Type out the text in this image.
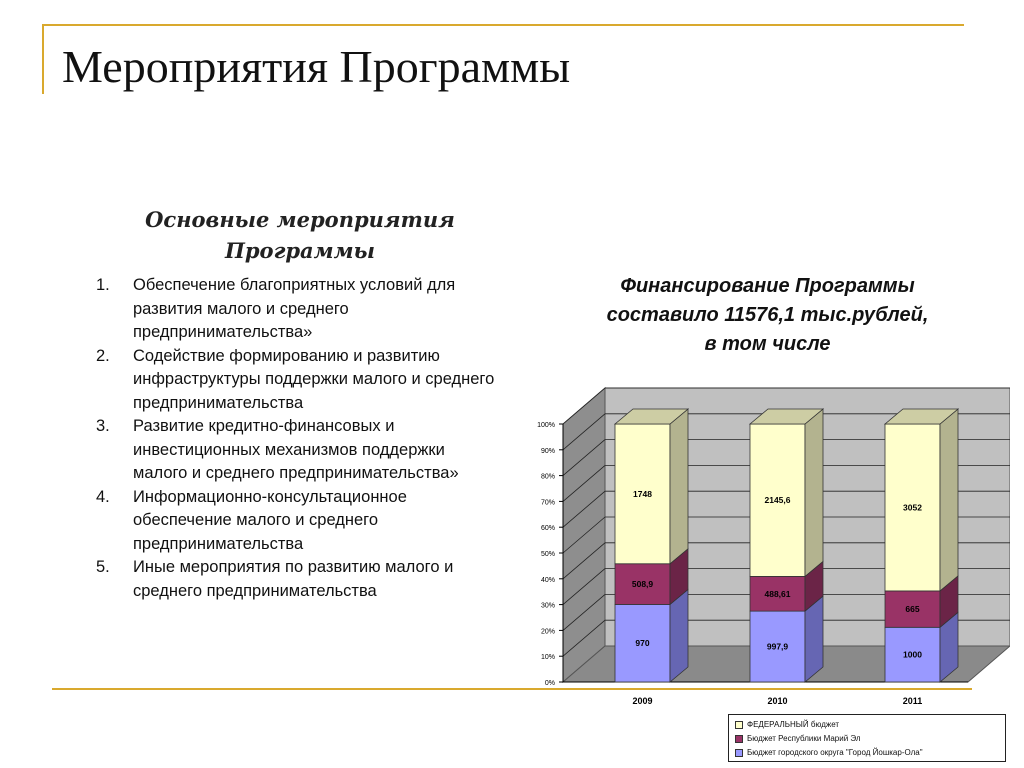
Мероприятия Программы
Основные мероприятия Программы
1.	Обеспечение благоприятных условий для развития малого и среднего предпринимательства»
2.	Содействие формированию и развитию инфраструктуры поддержки малого и среднего предпринимательства
3.	Развитие кредитно-финансовых и инвестиционных механизмов поддержки малого и среднего предпринимательства»
4.	Информационно-консультационное обеспечение малого и среднего предпринимательства
5.	Иные мероприятия по развитию малого и среднего предпринимательства
Финансирование Программы
составило 11576,1 тыс.рублей,
в том числе
0%
10%
20%
30%
40%
50%
60%
70%
80%
90%
100%
970
508,9
1748
2009
997,9
488,61
2145,6
2010
1000
665
3052
2011
ФЕДЕРАЛЬНЫЙ бюджет
Бюджет Республики Марий Эл
Бюджет городского округа "Город Йошкар-Ола"
